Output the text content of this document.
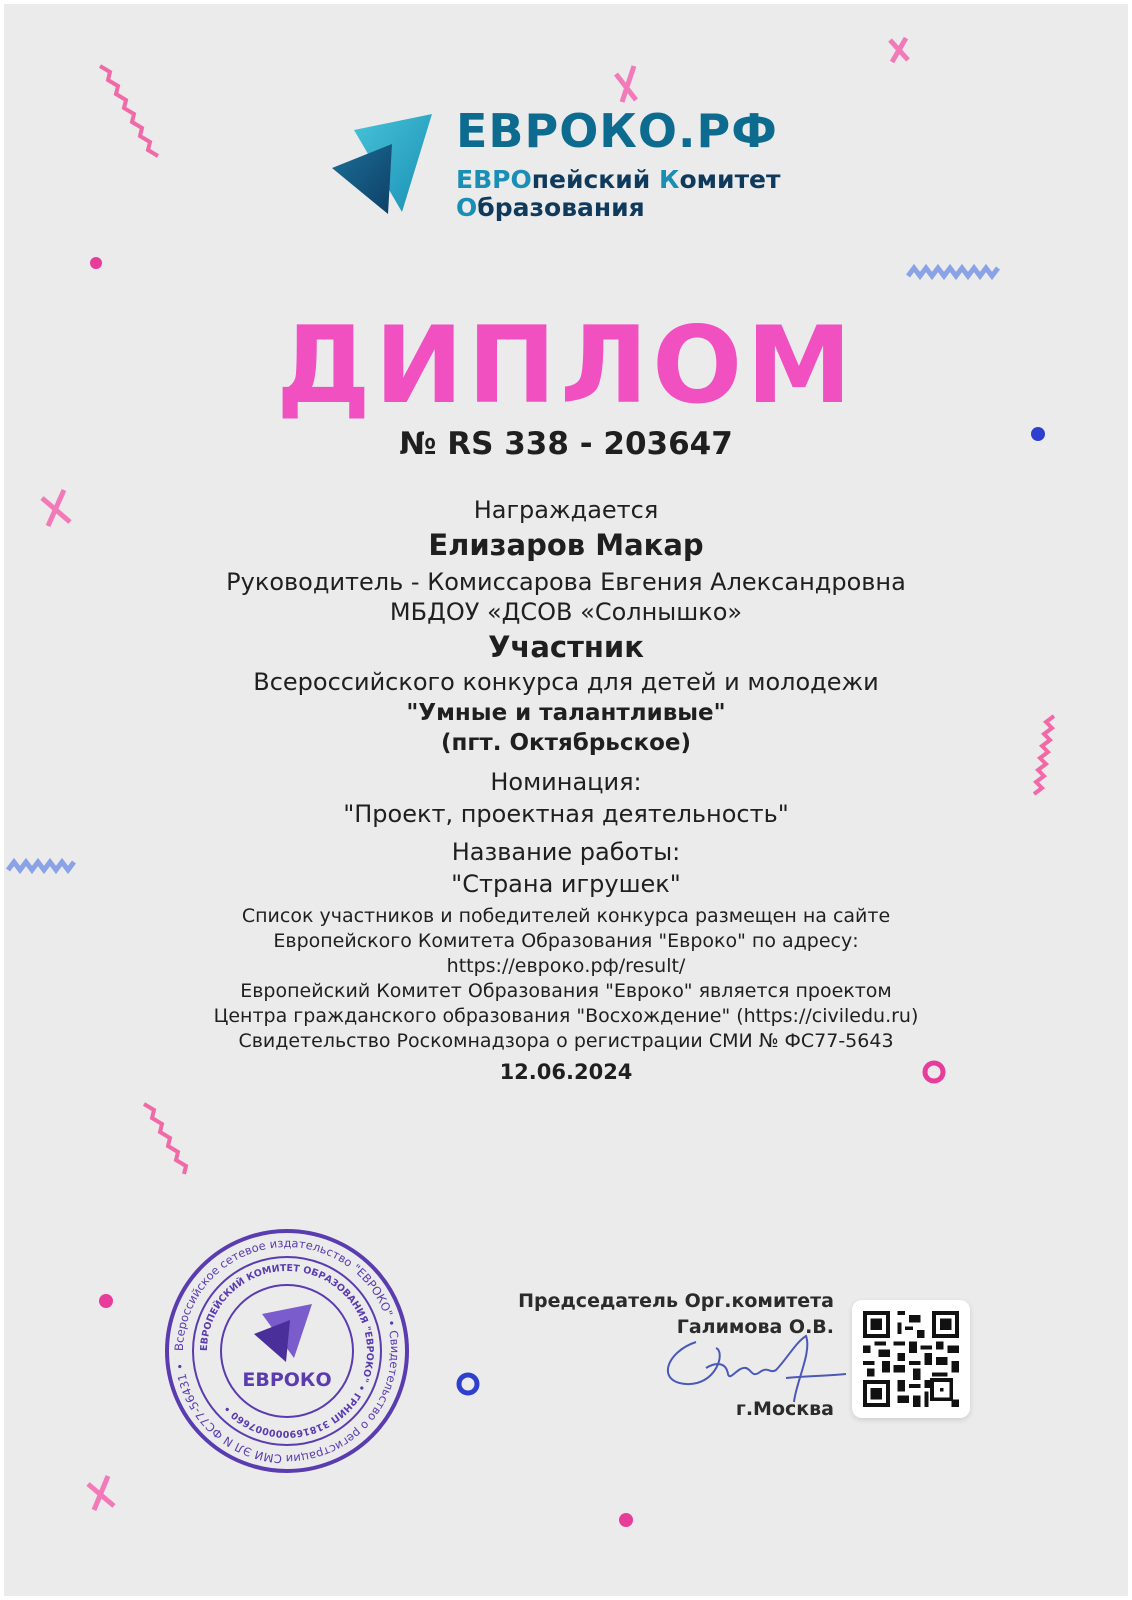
ЕВРОКО.РФ
ЕВРОпейский Комитет
Образования
ДИПЛОМ
№ RS 338 - 203647
Награждается
Елизаров Макар
Руководитель - Комиссарова Евгения Александровна
МБДОУ «ДСОВ «Солнышко»
Участник
Всероссийского конкурса для детей и молодежи
"Умные и талантливые"
(пгт. Октябрьское)
Номинация:
"Проект, проектная деятельность"
Название работы:
"Страна игрушек"
Список участников и победителей конкурса размещен на сайте
Европейского Комитета Образования "Евроко" по адресу:
https://евроко.рф/result/
Европейский Комитет Образования "Евроко" является проектом
Центра гражданского образования "Восхождение" (https://civiledu.ru)
Свидетельство Роскомнадзора о регистрации СМИ № ФС77-5643
12.06.2024
Всероссийское сетевое издательство "ЕВРОКО" • Свидетельство о регистрации СМИ ЭЛ N ФС77-56431 •
ЕВРОПЕЙСКИЙ КОМИТЕТ ОБРАЗОВАНИЯ "ЕВРОКО" • ГРНИП 318169000007660 •
ЕВРОКО
Председатель Орг.комитета
Галимова О.В.
г.Москва
